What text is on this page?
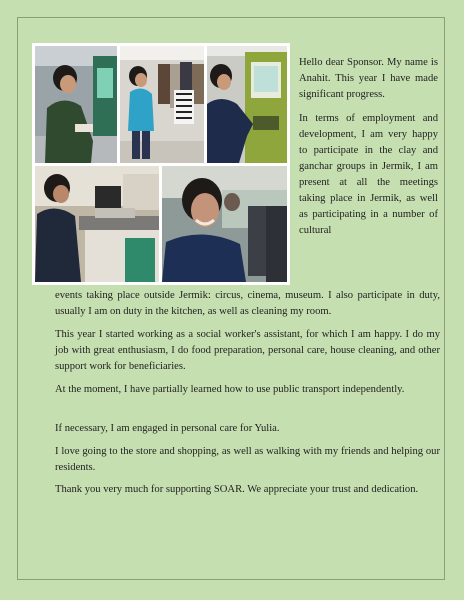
Hello dear Sponsor. My name is Anahit. This year I have made significant progress.

In terms of employment and development, I am very happy to participate in the clay and ganchar groups in Jermik, I am present at all the meetings taking place in Jermik, as well as participating in a number of cultural

events taking place outside Jermik: circus, cinema, museum. I also participate in duty, usually I am on duty in the kitchen, as well as cleaning my room.

This year I started working as a social worker's assistant, for which I am happy. I do my job with great enthusiasm, I do food preparation, personal care, house cleaning, and other support work for beneficiaries.

At the moment, I have partially learned how to use public transport independently.

If necessary, I am engaged in personal care for Yulia.

I love going to the store and shopping, as well as walking with my friends and helping our residents.

Thank you very much for supporting SOAR. We appreciate your trust and dedication.
